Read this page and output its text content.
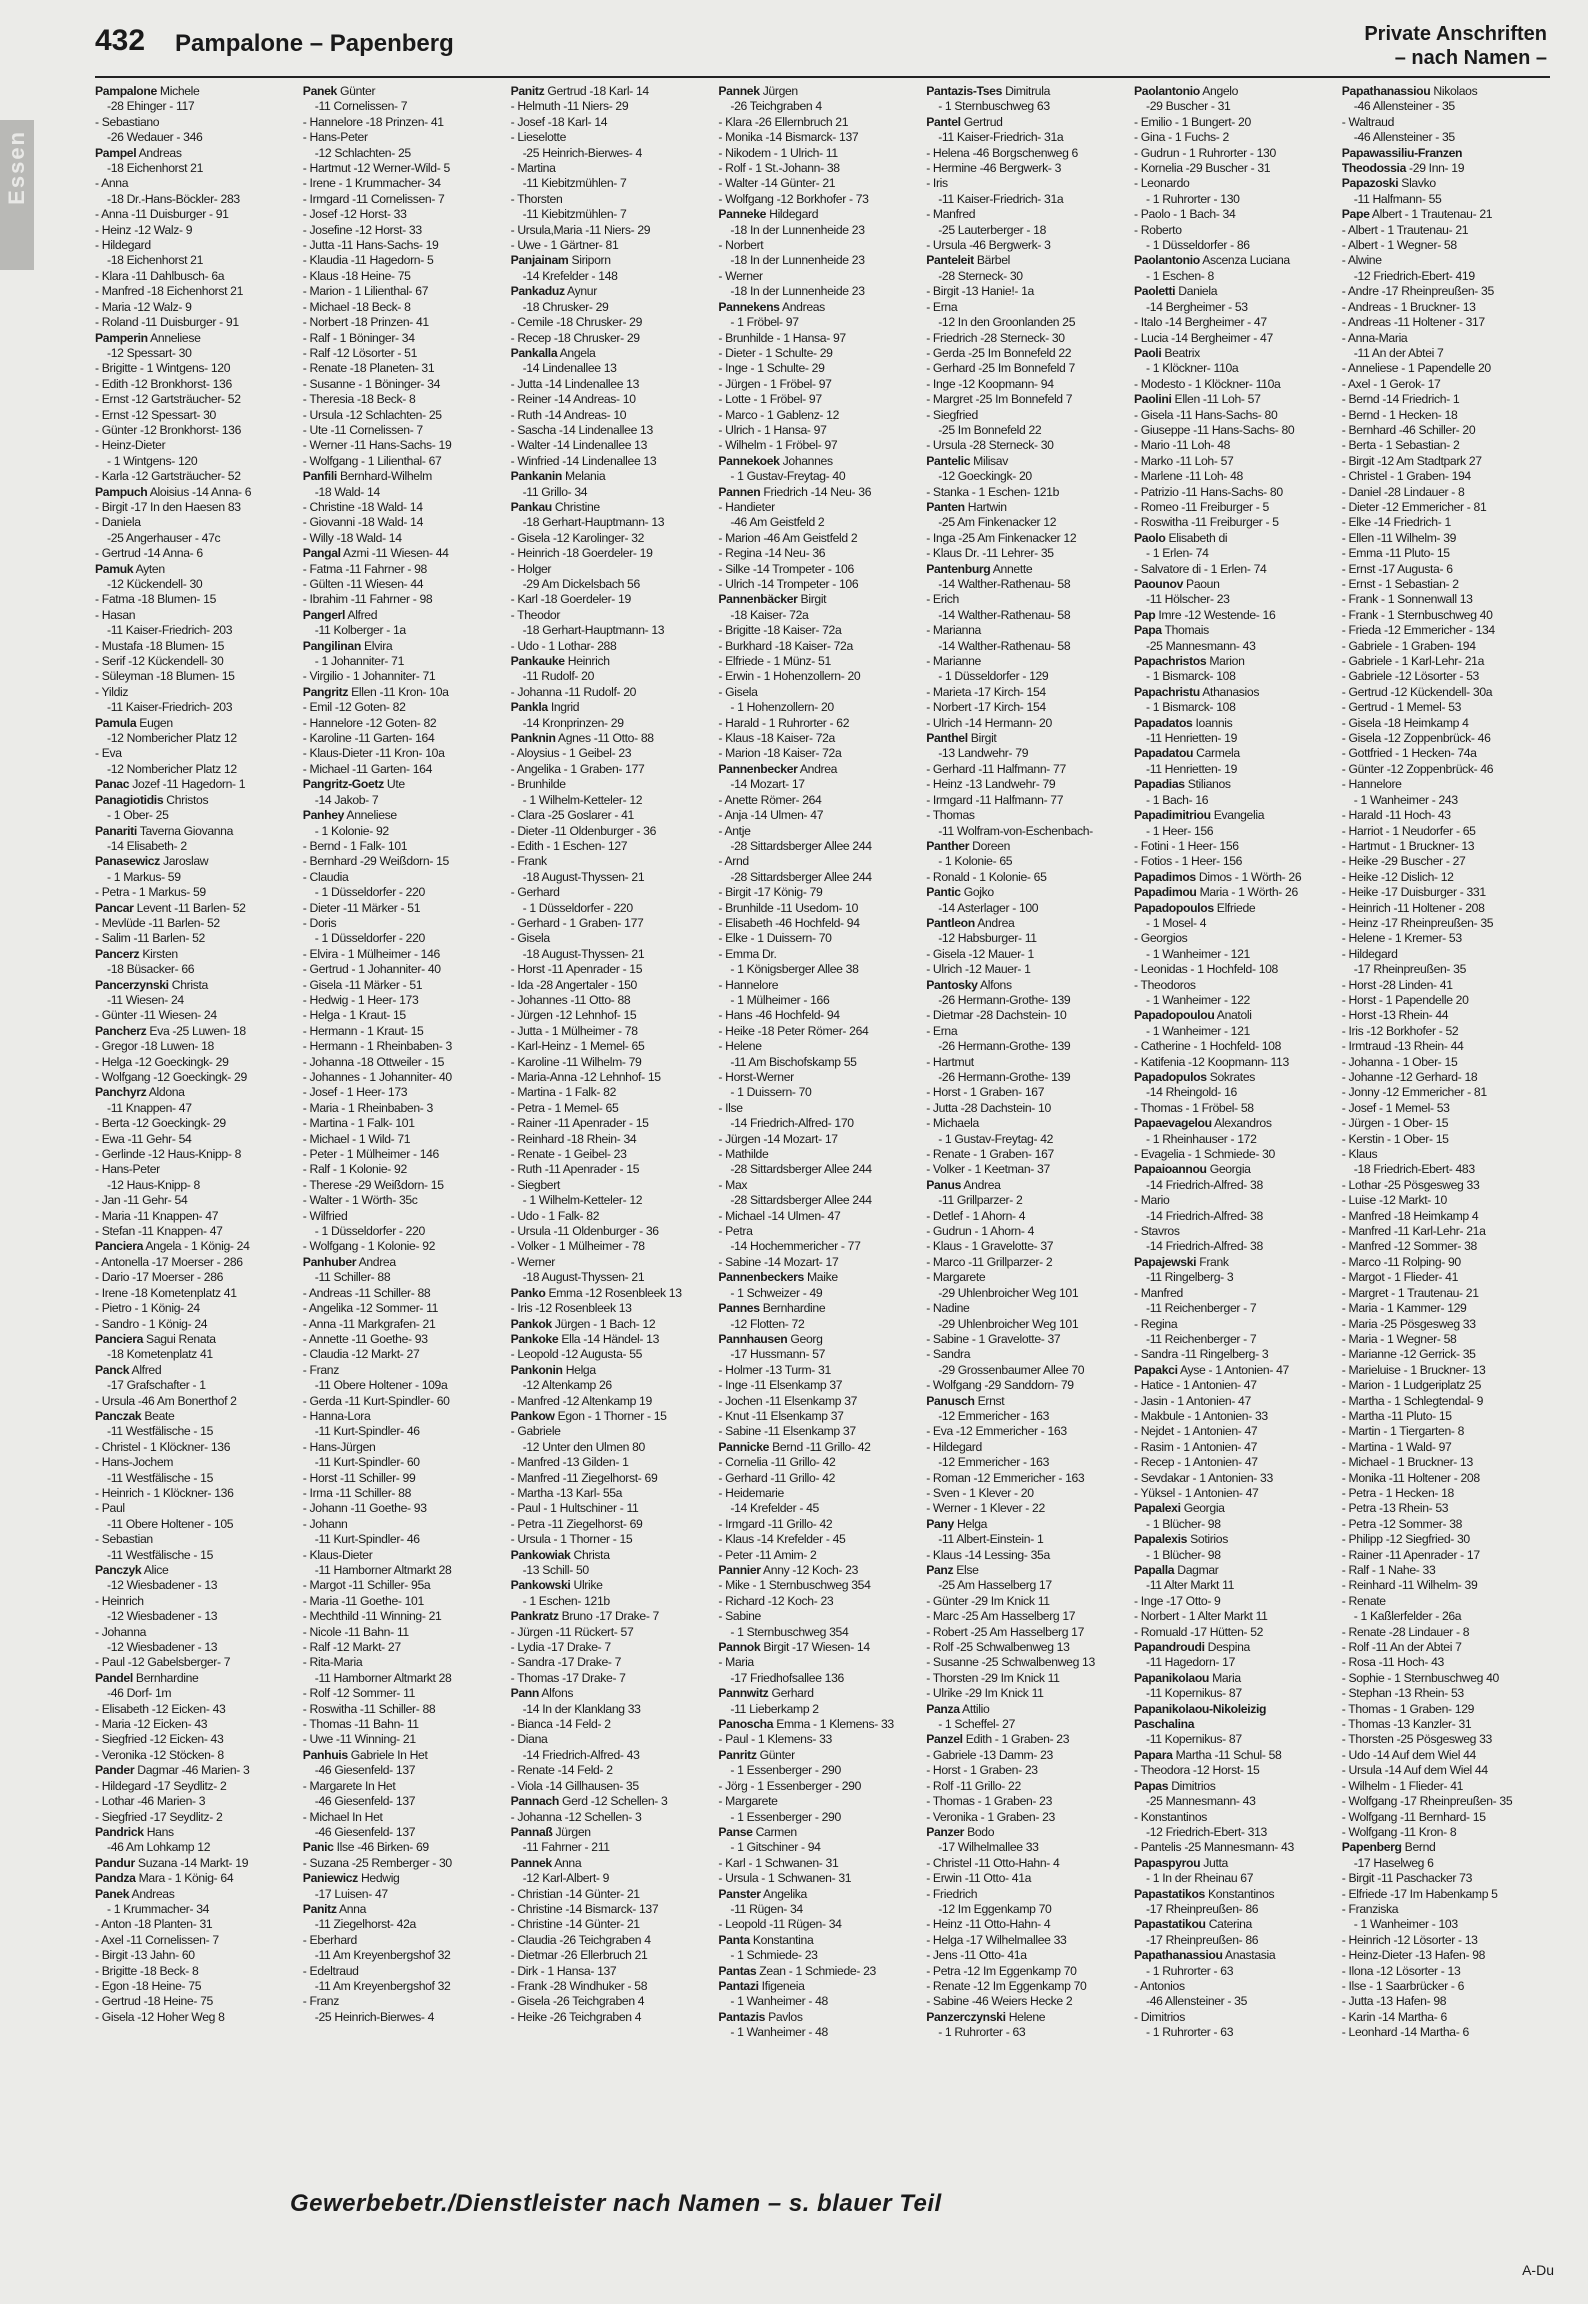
Essen
432 Pampalone – Papenberg	Private Anschriften
– nach Namen –
Pampalone Michele
-28 Ehinger - 117
- Sebastiano
-26 Wedauer - 346
Pampel Andreas
-18 Eichenhorst 21
- Anna
-18 Dr.-Hans-Böckler- 283
- Anna -11 Duisburger - 91
- Heinz -12 Walz- 9
- Hildegard
-18 Eichenhorst 21
- Klara -11 Dahlbusch- 6a
- Manfred -18 Eichenhorst 21
- Maria -12 Walz- 9
- Roland -11 Duisburger - 91
Pamperin Anneliese
-12 Spessart- 30
- Brigitte - 1 Wintgens- 120
- Edith -12 Bronkhorst- 136
- Ernst -12 Gartsträucher- 52
- Ernst -12 Spessart- 30
- Günter -12 Bronkhorst- 136
- Heinz-Dieter
- 1 Wintgens- 120
- Karla -12 Gartsträucher- 52
Pampuch Aloisius -14 Anna- 6
- Birgit -17 In den Haesen 83
- Daniela
-25 Angerhauser - 47c
- Gertrud -14 Anna- 6
Pamuk Ayten
-12 Kückendell- 30
- Fatma -18 Blumen- 15
- Hasan
-11 Kaiser-Friedrich- 203
- Mustafa -18 Blumen- 15
- Serif -12 Kückendell- 30
- Süleyman -18 Blumen- 15
- Yildiz
-11 Kaiser-Friedrich- 203
Pamula Eugen
-12 Nombericher Platz 12
- Eva
-12 Nombericher Platz 12
Panac Jozef -11 Hagedorn- 1
Panagiotidis Christos
- 1 Ober- 25
Panariti Taverna Giovanna
-14 Elisabeth- 2
Panasewicz Jaroslaw
- 1 Markus- 59
- Petra - 1 Markus- 59
Pancar Levent -11 Barlen- 52
- Mevlüde -11 Barlen- 52
- Salim -11 Barlen- 52
Pancerz Kirsten
-18 Büsacker- 66
Pancerzynski Christa
-11 Wiesen- 24
- Günter -11 Wiesen- 24
Pancherz Eva -25 Luwen- 18
- Gregor -18 Luwen- 18
- Helga -12 Goeckingk- 29
- Wolfgang -12 Goeckingk- 29
Panchyrz Aldona
-11 Knappen- 47
- Berta -12 Goeckingk- 29
- Ewa -11 Gehr- 54
- Gerlinde -12 Haus-Knipp- 8
- Hans-Peter
-12 Haus-Knipp- 8
- Jan -11 Gehr- 54
- Maria -11 Knappen- 47
- Stefan -11 Knappen- 47
Panciera Angela - 1 König- 24
- Antonella -17 Moerser - 286
- Dario -17 Moerser - 286
- Irene -18 Kometenplatz 41
- Pietro - 1 König- 24
- Sandro - 1 König- 24
Panciera Sagui Renata
-18 Kometenplatz 41
Panck Alfred
-17 Grafschafter - 1
- Ursula -46 Am Bonerthof 2
Panczak Beate
-11 Westfälische - 15
- Christel - 1 Klöckner- 136
- Hans-Jochem
-11 Westfälische - 15
- Heinrich - 1 Klöckner- 136
- Paul
-11 Obere Holtener - 105
- Sebastian
-11 Westfälische - 15
Panczyk Alice
-12 Wiesbadener - 13
- Heinrich
-12 Wiesbadener - 13
- Johanna
-12 Wiesbadener - 13
- Paul -12 Gabelsberger- 7
Pandel Bernhardine
-46 Dorf- 1m
- Elisabeth -12 Eicken- 43
- Maria -12 Eicken- 43
- Siegfried -12 Eicken- 43
- Veronika -12 Stöcken- 8
Pander Dagmar -46 Marien- 3
- Hildegard -17 Seydlitz- 2
- Lothar -46 Marien- 3
- Siegfried -17 Seydlitz- 2
Pandrick Hans
-46 Am Lohkamp 12
Pandur Suzana -14 Markt- 19
Pandza Mara - 1 König- 64
Panek Andreas
- 1 Krummacher- 34
- Anton -18 Planten- 31
- Axel -11 Cornelissen- 7
- Birgit -13 Jahn- 60
- Brigitte -18 Beck- 8
- Egon -18 Heine- 75
- Gertrud -18 Heine- 75
- Gisela -12 Hoher Weg 8
Panek Günter
-11 Cornelissen- 7
- Hannelore -18 Prinzen- 41
- Hans-Peter
-12 Schlachten- 25
- Hartmut -12 Werner-Wild- 5
- Irene - 1 Krummacher- 34
- Irmgard -11 Cornelissen- 7
- Josef -12 Horst- 33
- Josefine -12 Horst- 33
- Jutta -11 Hans-Sachs- 19
- Klaudia -11 Hagedorn- 5
- Klaus -18 Heine- 75
- Marion - 1 Lilienthal- 67
- Michael -18 Beck- 8
- Norbert -18 Prinzen- 41
- Ralf - 1 Böninger- 34
- Ralf -12 Lösorter - 51
- Renate -18 Planeten- 31
- Susanne - 1 Böninger- 34
- Theresia -18 Beck- 8
- Ursula -12 Schlachten- 25
- Ute -11 Cornelissen- 7
- Werner -11 Hans-Sachs- 19
- Wolfgang - 1 Lilienthal- 67
Panfili Bernhard-Wilhelm
-18 Wald- 14
- Christine -18 Wald- 14
- Giovanni -18 Wald- 14
- Willy -18 Wald- 14
Pangal Azmi -11 Wiesen- 44
- Fatma -11 Fahrner - 98
- Gülten -11 Wiesen- 44
- Ibrahim -11 Fahrner - 98
Pangerl Alfred
-11 Kolberger - 1a
Pangilinan Elvira
- 1 Johanniter- 71
- Virgilio - 1 Johanniter- 71
Pangritz Ellen -11 Kron- 10a
- Emil -12 Goten- 82
- Hannelore -12 Goten- 82
- Karoline -11 Garten- 164
- Klaus-Dieter -11 Kron- 10a
- Michael -11 Garten- 164
Pangritz-Goetz Ute
-14 Jakob- 7
Panhey Anneliese
- 1 Kolonie- 92
- Bernd - 1 Falk- 101
- Bernhard -29 Weißdorn- 15
- Claudia
- 1 Düsseldorfer - 220
- Dieter -11 Märker - 51
- Doris
- 1 Düsseldorfer - 220
- Elvira - 1 Mülheimer - 146
- Gertrud - 1 Johanniter- 40
- Gisela -11 Märker - 51
- Hedwig - 1 Heer- 173
- Helga - 1 Kraut- 15
- Hermann - 1 Kraut- 15
- Hermann - 1 Rheinbaben- 3
- Johanna -18 Ottweiler - 15
- Johannes - 1 Johanniter- 40
- Josef - 1 Heer- 173
- Maria - 1 Rheinbaben- 3
- Martina - 1 Falk- 101
- Michael - 1 Wild- 71
- Peter - 1 Mülheimer - 146
- Ralf - 1 Kolonie- 92
- Therese -29 Weißdorn- 15
- Walter - 1 Wörth- 35c
- Wilfried
- 1 Düsseldorfer - 220
- Wolfgang - 1 Kolonie- 92
Panhuber Andrea
-11 Schiller- 88
- Andreas -11 Schiller- 88
- Angelika -12 Sommer- 11
- Anna -11 Markgrafen- 21
- Annette -11 Goethe- 93
- Claudia -12 Markt- 27
- Franz
-11 Obere Holtener - 109a
- Gerda -11 Kurt-Spindler- 60
- Hanna-Lora
-11 Kurt-Spindler- 46
- Hans-Jürgen
-11 Kurt-Spindler- 60
- Horst -11 Schiller- 99
- Irma -11 Schiller- 88
- Johann -11 Goethe- 93
- Johann
-11 Kurt-Spindler- 46
- Klaus-Dieter
-11 Hamborner Altmarkt 28
- Margot -11 Schiller- 95a
- Maria -11 Goethe- 101
- Mechthild -11 Winning- 21
- Nicole -11 Bahn- 11
- Ralf -12 Markt- 27
- Rita-Maria
-11 Hamborner Altmarkt 28
- Rolf -12 Sommer- 11
- Roswitha -11 Schiller- 88
- Thomas -11 Bahn- 11
- Uwe -11 Winning- 21
Panhuis Gabriele In Het
-46 Giesenfeld- 137
- Margarete In Het
-46 Giesenfeld- 137
- Michael In Het
-46 Giesenfeld- 137
Panic Ilse -46 Birken- 69
- Suzana -25 Remberger - 30
Paniewicz Hedwig
-17 Luisen- 47
Panitz Anna
-11 Ziegelhorst- 42a
- Eberhard
-11 Am Kreyenbergshof 32
- Edeltraud
-11 Am Kreyenbergshof 32
- Franz
-25 Heinrich-Bierwes- 4
Panitz Gertrud -18 Karl- 14
- Helmuth -11 Niers- 29
- Josef -18 Karl- 14
- Lieselotte
-25 Heinrich-Bierwes- 4
- Martina
-11 Kiebitzmühlen- 7
- Thorsten
-11 Kiebitzmühlen- 7
- Ursula,Maria -11 Niers- 29
- Uwe - 1 Gärtner- 81
Panjainam Siriporn
-14 Krefelder - 148
Pankaduz Aynur
-18 Chrusker- 29
- Cemile -18 Chrusker- 29
- Recep -18 Chrusker- 29
Pankalla Angela
-14 Lindenallee 13
- Jutta -14 Lindenallee 13
- Reiner -14 Andreas- 10
- Ruth -14 Andreas- 10
- Sascha -14 Lindenallee 13
- Walter -14 Lindenallee 13
- Winfried -14 Lindenallee 13
Pankanin Melania
-11 Grillo- 34
Pankau Christine
-18 Gerhart-Hauptmann- 13
- Gisela -12 Karolinger- 32
- Heinrich -18 Goerdeler- 19
- Holger
-29 Am Dickelsbach 56
- Karl -18 Goerdeler- 19
- Theodor
-18 Gerhart-Hauptmann- 13
- Udo - 1 Lothar- 288
Pankauke Heinrich
-11 Rudolf- 20
- Johanna -11 Rudolf- 20
Pankla Ingrid
-14 Kronprinzen- 29
Panknin Agnes -11 Otto- 88
- Aloysius - 1 Geibel- 23
- Angelika - 1 Graben- 177
- Brunhilde
- 1 Wilhelm-Ketteler- 12
- Clara -25 Goslarer - 41
- Dieter -11 Oldenburger - 36
- Edith - 1 Eschen- 127
- Frank
-18 August-Thyssen- 21
- Gerhard
- 1 Düsseldorfer - 220
- Gerhard - 1 Graben- 177
- Gisela
-18 August-Thyssen- 21
- Horst -11 Apenrader - 15
- Ida -28 Angertaler - 150
- Johannes -11 Otto- 88
- Jürgen -12 Lehnhof- 15
- Jutta - 1 Mülheimer - 78
- Karl-Heinz - 1 Memel- 65
- Karoline -11 Wilhelm- 79
- Maria-Anna -12 Lehnhof- 15
- Martina - 1 Falk- 82
- Petra - 1 Memel- 65
- Rainer -11 Apenrader - 15
- Reinhard -18 Rhein- 34
- Renate - 1 Geibel- 23
- Ruth -11 Apenrader - 15
- Siegbert
- 1 Wilhelm-Ketteler- 12
- Udo - 1 Falk- 82
- Ursula -11 Oldenburger - 36
- Volker - 1 Mülheimer - 78
- Werner
-18 August-Thyssen- 21
Panko Emma -12 Rosenbleek 13
- Iris -12 Rosenbleek 13
Pankok Jürgen - 1 Bach- 12
Pankoke Ella -14 Händel- 13
- Leopold -12 Augusta- 55
Pankonin Helga
-12 Altenkamp 26
- Manfred -12 Altenkamp 19
Pankow Egon - 1 Thorner - 15
- Gabriele
-12 Unter den Ulmen 80
- Manfred -13 Gilden- 1
- Manfred -11 Ziegelhorst- 69
- Martha -13 Karl- 55a
- Paul - 1 Hultschiner - 11
- Petra -11 Ziegelhorst- 69
- Ursula - 1 Thorner - 15
Pankowiak Christa
-13 Schill- 50
Pankowski Ulrike
- 1 Eschen- 121b
Pankratz Bruno -17 Drake- 7
- Jürgen -11 Rückert- 57
- Lydia -17 Drake- 7
- Sandra -17 Drake- 7
- Thomas -17 Drake- 7
Pann Alfons
-14 In der Klanklang 33
- Bianca -14 Feld- 2
- Diana
-14 Friedrich-Alfred- 43
- Renate -14 Feld- 2
- Viola -14 Gillhausen- 35
Pannach Gerd -12 Schellen- 3
- Johanna -12 Schellen- 3
Pannaß Jürgen
-11 Fahrner - 211
Pannek Anna
-12 Karl-Albert- 9
- Christian -14 Günter- 21
- Christine -14 Bismarck- 137
- Christine -14 Günter- 21
- Claudia -26 Teichgraben 4
- Dietmar -26 Ellerbruch 21
- Dirk - 1 Hansa- 137
- Frank -28 Windhuker - 58
- Gisela -26 Teichgraben 4
- Heike -26 Teichgraben 4
Pannek Jürgen
-26 Teichgraben 4
- Klara -26 Ellernbruch 21
- Monika -14 Bismarck- 137
- Nikodem - 1 Ulrich- 11
- Rolf - 1 St.-Johann- 38
- Walter -14 Günter- 21
- Wolfgang -12 Borkhofer - 73
Panneke Hildegard
-18 In der Lunnenheide 23
- Norbert
-18 In der Lunnenheide 23
- Werner
-18 In der Lunnenheide 23
Pannekens Andreas
- 1 Fröbel- 97
- Brunhilde - 1 Hansa- 97
- Dieter - 1 Schulte- 29
- Inge - 1 Schulte- 29
- Jürgen - 1 Fröbel- 97
- Lotte - 1 Fröbel- 97
- Marco - 1 Gablenz- 12
- Ulrich - 1 Hansa- 97
- Wilhelm - 1 Fröbel- 97
Pannekoek Johannes
- 1 Gustav-Freytag- 40
Pannen Friedrich -14 Neu- 36
- Handieter
-46 Am Geistfeld 2
- Marion -46 Am Geistfeld 2
- Regina -14 Neu- 36
- Silke -14 Trompeter - 106
- Ulrich -14 Trompeter - 106
Pannenbäcker Birgit
-18 Kaiser- 72a
- Brigitte -18 Kaiser- 72a
- Burkhard -18 Kaiser- 72a
- Elfriede - 1 Münz- 51
- Erwin - 1 Hohenzollern- 20
- Gisela
- 1 Hohenzollern- 20
- Harald - 1 Ruhrorter - 62
- Klaus -18 Kaiser- 72a
- Marion -18 Kaiser- 72a
Pannenbecker Andrea
-14 Mozart- 17
- Anette Römer- 264
- Anja -14 Ulmen- 47
- Antje
-28 Sittardsberger Allee 244
- Arnd
-28 Sittardsberger Allee 244
- Birgit -17 König- 79
- Brunhilde -11 Usedom- 10
- Elisabeth -46 Hochfeld- 94
- Elke - 1 Duissern- 70
- Emma Dr.
- 1 Königsberger Allee 38
- Hannelore
- 1 Mülheimer - 166
- Hans -46 Hochfeld- 94
- Heike -18 Peter Römer- 264
- Helene
-11 Am Bischofskamp 55
- Horst-Werner
- 1 Duissern- 70
- Ilse
-14 Friedrich-Alfred- 170
- Jürgen -14 Mozart- 17
- Mathilde
-28 Sittardsberger Allee 244
- Max
-28 Sittardsberger Allee 244
- Michael -14 Ulmen- 47
- Petra
-14 Hochemmericher - 77
- Sabine -14 Mozart- 17
Pannenbeckers Maike
- 1 Schweizer - 49
Pannes Bernhardine
-12 Flotten- 72
Pannhausen Georg
-17 Hussmann- 57
- Holmer -13 Turm- 31
- Inge -11 Elsenkamp 37
- Jochen -11 Elsenkamp 37
- Knut -11 Elsenkamp 37
- Sabine -11 Elsenkamp 37
Pannicke Bernd -11 Grillo- 42
- Cornelia -11 Grillo- 42
- Gerhard -11 Grillo- 42
- Heidemarie
-14 Krefelder - 45
- Irmgard -11 Grillo- 42
- Klaus -14 Krefelder - 45
- Peter -11 Amim- 2
Pannier Anny -12 Koch- 23
- Mike - 1 Sternbuschweg 354
- Richard -12 Koch- 23
- Sabine
- 1 Sternbuschweg 354
Pannok Birgit -17 Wiesen- 14
- Maria
-17 Friedhofsallee 136
Pannwitz Gerhard
-11 Lieberkamp 2
Panoscha Emma - 1 Klemens- 33
- Paul - 1 Klemens- 33
Panritz Günter
- 1 Essenberger - 290
- Jörg - 1 Essenberger - 290
- Margarete
- 1 Essenberger - 290
Panse Carmen
- 1 Gitschiner - 94
- Karl - 1 Schwanen- 31
- Ursula - 1 Schwanen- 31
Panster Angelika
-11 Rügen- 34
- Leopold -11 Rügen- 34
Panta Konstantina
- 1 Schmiede- 23
Pantas Zean - 1 Schmiede- 23
Pantazi Ifigeneia
- 1 Wanheimer - 48
Pantazis Pavlos
- 1 Wanheimer - 48
Pantazis-Tses Dimitrula
- 1 Sternbuschweg 63
Pantel Gertrud
-11 Kaiser-Friedrich- 31a
- Helena -46 Borgschenweg 6
- Hermine -46 Bergwerk- 3
- Iris
-11 Kaiser-Friedrich- 31a
- Manfred
-25 Lauterberger - 18
- Ursula -46 Bergwerk- 3
Panteleit Bärbel
-28 Sterneck- 30
- Birgit -13 Hanie!- 1a
- Erna
-12 In den Groonlanden 25
- Friedrich -28 Sterneck- 30
- Gerda -25 Im Bonnefeld 22
- Gerhard -25 Im Bonnefeld 7
- Inge -12 Koopmann- 94
- Margret -25 Im Bonnefeld 7
- Siegfried
-25 Im Bonnefeld 22
- Ursula -28 Sterneck- 30
Pantelic Milisav
-12 Goeckingk- 20
- Stanka - 1 Eschen- 121b
Panten Hartwin
-25 Am Finkenacker 12
- Inga -25 Am Finkenacker 12
- Klaus Dr. -11 Lehrer- 35
Pantenburg Annette
-14 Walther-Rathenau- 58
- Erich
-14 Walther-Rathenau- 58
- Marianna
-14 Walther-Rathenau- 58
- Marianne
- 1 Düsseldorfer - 129
- Marieta -17 Kirch- 154
- Norbert -17 Kirch- 154
- Ulrich -14 Hermann- 20
Panthel Birgit
-13 Landwehr- 79
- Gerhard -11 Halfmann- 77
- Heinz -13 Landwehr- 79
- Irmgard -11 Halfmann- 77
- Thomas
-11 Wolfram-von-Eschenbach-
Panther Doreen
- 1 Kolonie- 65
- Ronald - 1 Kolonie- 65
Pantic Gojko
-14 Asterlager - 100
Pantleon Andrea
-12 Habsburger- 11
- Gisela -12 Mauer- 1
- Ulrich -12 Mauer- 1
Pantosky Alfons
-26 Hermann-Grothe- 139
- Dietmar -28 Dachstein- 10
- Erna
-26 Hermann-Grothe- 139
- Hartmut
-26 Hermann-Grothe- 139
- Horst - 1 Graben- 167
- Jutta -28 Dachstein- 10
- Michaela
- 1 Gustav-Freytag- 42
- Renate - 1 Graben- 167
- Volker - 1 Keetman- 37
Panus Andrea
-11 Grillparzer- 2
- Detlef - 1 Ahorn- 4
- Gudrun - 1 Ahorn- 4
- Klaus - 1 Gravelotte- 37
- Marco -11 Grillparzer- 2
- Margarete
-29 Uhlenbroicher Weg 101
- Nadine
-29 Uhlenbroicher Weg 101
- Sabine - 1 Gravelotte- 37
- Sandra
-29 Grossenbaumer Allee 70
- Wolfgang -29 Sanddorn- 79
Panusch Ernst
-12 Emmericher - 163
- Eva -12 Emmericher - 163
- Hildegard
-12 Emmericher - 163
- Roman -12 Emmericher - 163
- Sven - 1 Klever - 20
- Werner - 1 Klever - 22
Pany Helga
-11 Albert-Einstein- 1
- Klaus -14 Lessing- 35a
Panz Else
-25 Am Hasselberg 17
- Günter -29 Im Knick 11
- Marc -25 Am Hasselberg 17
- Robert -25 Am Hasselberg 17
- Rolf -25 Schwalbenweg 13
- Susanne -25 Schwalbenweg 13
- Thorsten -29 Im Knick 11
- Ulrike -29 Im Knick 11
Panza Attilio
- 1 Scheffel- 27
Panzel Edith - 1 Graben- 23
- Gabriele -13 Damm- 23
- Horst - 1 Graben- 23
- Rolf -11 Grillo- 22
- Thomas - 1 Graben- 23
- Veronika - 1 Graben- 23
Panzer Bodo
-17 Wilhelmallee 33
- Christel -11 Otto-Hahn- 4
- Erwin -11 Otto- 41a
- Friedrich
-12 Im Eggenkamp 70
- Heinz -11 Otto-Hahn- 4
- Helga -17 Wilhelmallee 33
- Jens -11 Otto- 41a
- Petra -12 Im Eggenkamp 70
- Renate -12 Im Eggenkamp 70
- Sabine -46 Weiers Hecke 2
Panzerczynski Helene
- 1 Ruhrorter - 63
Paolantonio Angelo
-29 Buscher - 31
- Emilio - 1 Bungert- 20
- Gina - 1 Fuchs- 2
- Gudrun - 1 Ruhrorter - 130
- Kornelia -29 Buscher - 31
- Leonardo
- 1 Ruhrorter - 130
- Paolo - 1 Bach- 34
- Roberto
- 1 Düsseldorfer - 86
Paolantonio Ascenza Luciana
- 1 Eschen- 8
Paoletti Daniela
-14 Bergheimer - 53
- Italo -14 Bergheimer - 47
- Lucia -14 Bergheimer - 47
Paoli Beatrix
- 1 Klöckner- 110a
- Modesto - 1 Klöckner- 110a
Paolini Ellen -11 Loh- 57
- Gisela -11 Hans-Sachs- 80
- Giuseppe -11 Hans-Sachs- 80
- Mario -11 Loh- 48
- Marko -11 Loh- 57
- Marlene -11 Loh- 48
- Patrizio -11 Hans-Sachs- 80
- Romeo -11 Freiburger - 5
- Roswitha -11 Freiburger - 5
Paolo Elisabeth di
- 1 Erlen- 74
- Salvatore di - 1 Erlen- 74
Paounov Paoun
-11 Hölscher- 23
Pap Imre -12 Westende- 16
Papa Thomais
-25 Mannesmann- 43
Papachristos Marion
- 1 Bismarck- 108
Papachristu Athanasios
- 1 Bismarck- 108
Papadatos Ioannis
-11 Henrietten- 19
Papadatou Carmela
-11 Henrietten- 19
Papadias Stilianos
- 1 Bach- 16
Papadimitriou Evangelia
- 1 Heer- 156
- Fotini - 1 Heer- 156
- Fotios - 1 Heer- 156
Papadimos Dimos - 1 Wörth- 26
Papadimou Maria - 1 Wörth- 26
Papadopoulos Elfriede
- 1 Mosel- 4
- Georgios
- 1 Wanheimer - 121
- Leonidas - 1 Hochfeld- 108
- Theodoros
- 1 Wanheimer - 122
Papadopoulou Anatoli
- 1 Wanheimer - 121
- Catherine - 1 Hochfeld- 108
- Katifenia -12 Koopmann- 113
Papadopulos Sokrates
-14 Rheingold- 16
- Thomas - 1 Fröbel- 58
Papaevagelou Alexandros
- 1 Rheinhauser - 172
- Evagelia - 1 Schmiede- 30
Papaioannou Georgia
-14 Friedrich-Alfred- 38
- Mario
-14 Friedrich-Alfred- 38
- Stavros
-14 Friedrich-Alfred- 38
Papajewski Frank
-11 Ringelberg- 3
- Manfred
-11 Reichenberger - 7
- Regina
-11 Reichenberger - 7
- Sandra -11 Ringelberg- 3
Papakci Ayse - 1 Antonien- 47
- Hatice - 1 Antonien- 47
- Jasin - 1 Antonien- 47
- Makbule - 1 Antonien- 33
- Nejdet - 1 Antonien- 47
- Rasim - 1 Antonien- 47
- Recep - 1 Antonien- 47
- Sevdakar - 1 Antonien- 33
- Yüksel - 1 Antonien- 47
Papalexi Georgia
- 1 Blücher- 98
Papalexis Sotirios
- 1 Blücher- 98
Papalla Dagmar
-11 Alter Markt 11
- Inge -17 Otto- 9
- Norbert - 1 Alter Markt 11
- Romuald -17 Hütten- 52
Papandroudi Despina
-11 Hagedorn- 17
Papanikolaou Maria
-11 Kopernikus- 87
Papanikolaou-Nikoleizig
Paschalina
-11 Kopernikus- 87
Papara Martha -11 Schul- 58
- Theodora -12 Horst- 15
Papas Dimitrios
-25 Mannesmann- 43
- Konstantinos
-12 Friedrich-Ebert- 313
- Pantelis -25 Mannesmann- 43
Papaspyrou Jutta
- 1 In der Rheinau 67
Papastatikos Konstantinos
-17 Rheinpreußen- 86
Papastatikou Caterina
-17 Rheinpreußen- 86
Papathanassiou Anastasia
- 1 Ruhrorter - 63
- Antonios
-46 Allensteiner - 35
- Dimitrios
- 1 Ruhrorter - 63
Papathanassiou Nikolaos
-46 Allensteiner - 35
- Waltraud
-46 Allensteiner - 35
Papawassiliu-Franzen
Theodossia -29 Inn- 19
Papazoski Slavko
-11 Halfmann- 55
Pape Albert - 1 Trautenau- 21
- Albert - 1 Trautenau- 21
- Albert - 1 Wegner- 58
- Alwine
-12 Friedrich-Ebert- 419
- Andre -17 Rheinpreußen- 35
- Andreas - 1 Bruckner- 13
- Andreas -11 Holtener - 317
- Anna-Maria
-11 An der Abtei 7
- Anneliese - 1 Papendelle 20
- Axel - 1 Gerok- 17
- Bernd -14 Friedrich- 1
- Bernd - 1 Hecken- 18
- Bernhard -46 Schiller- 20
- Berta - 1 Sebastian- 2
- Birgit -12 Am Stadtpark 27
- Christel - 1 Graben- 194
- Daniel -28 Lindauer - 8
- Dieter -12 Emmericher - 81
- Elke -14 Friedrich- 1
- Ellen -11 Wilhelm- 39
- Emma -11 Pluto- 15
- Ernst -17 Augusta- 6
- Ernst - 1 Sebastian- 2
- Frank - 1 Sonnenwall 13
- Frank - 1 Sternbuschweg 40
- Frieda -12 Emmericher - 134
- Gabriele - 1 Graben- 194
- Gabriele - 1 Karl-Lehr- 21a
- Gabriele -12 Lösorter - 53
- Gertrud -12 Kückendell- 30a
- Gertrud - 1 Memel- 53
- Gisela -18 Heimkamp 4
- Gisela -12 Zoppenbrück- 46
- Gottfried - 1 Hecken- 74a
- Günter -12 Zoppenbrück- 46
- Hannelore
- 1 Wanheimer - 243
- Harald -11 Hoch- 43
- Harriot - 1 Neudorfer - 65
- Hartmut - 1 Bruckner- 13
- Heike -29 Buscher - 27
- Heike -12 Dislich- 12
- Heike -17 Duisburger - 331
- Heinrich -11 Holtener - 208
- Heinz -17 Rheinpreußen- 35
- Helene - 1 Kremer- 53
- Hildegard
-17 Rheinpreußen- 35
- Horst -28 Linden- 41
- Horst - 1 Papendelle 20
- Horst -13 Rhein- 44
- Iris -12 Borkhofer - 52
- Irmtraud -13 Rhein- 44
- Johanna - 1 Ober- 15
- Johanne -12 Gerhard- 18
- Jonny -12 Emmericher - 81
- Josef - 1 Memel- 53
- Jürgen - 1 Ober- 15
- Kerstin - 1 Ober- 15
- Klaus
-18 Friedrich-Ebert- 483
- Lothar -25 Pösgesweg 33
- Luise -12 Markt- 10
- Manfred -18 Heimkamp 4
- Manfred -11 Karl-Lehr- 21a
- Manfred -12 Sommer- 38
- Marco -11 Rolping- 90
- Margot - 1 Flieder- 41
- Margret - 1 Trautenau- 21
- Maria - 1 Kammer- 129
- Maria -25 Pösgesweg 33
- Maria - 1 Wegner- 58
- Marianne -12 Gerrick- 35
- Marieluise - 1 Bruckner- 13
- Marion - 1 Ludgeriplatz 25
- Martha - 1 Schlegtendal- 9
- Martha -11 Pluto- 15
- Martin - 1 Tiergarten- 8
- Martina - 1 Wald- 97
- Michael - 1 Bruckner- 13
- Monika -11 Holtener - 208
- Petra - 1 Hecken- 18
- Petra -13 Rhein- 53
- Petra -12 Sommer- 38
- Philipp -12 Siegfried- 30
- Rainer -11 Apenrader - 17
- Ralf - 1 Nahe- 33
- Reinhard -11 Wilhelm- 39
- Renate
- 1 Kaßlerfelder - 26a
- Renate -28 Lindauer - 8
- Rolf -11 An der Abtei 7
- Rosa -11 Hoch- 43
- Sophie - 1 Sternbuschweg 40
- Stephan -13 Rhein- 53
- Thomas - 1 Graben- 129
- Thomas -13 Kanzler- 31
- Thorsten -25 Pösgesweg 33
- Udo -14 Auf dem Wiel 44
- Ursula -14 Auf dem Wiel 44
- Wilhelm - 1 Flieder- 41
- Wolfgang -17 Rheinpreußen- 35
- Wolfgang -11 Bernhard- 15
- Wolfgang -11 Kron- 8
Papenberg Bernd
-17 Haselweg 6
- Birgit -11 Paschacker 73
- Elfriede -17 Im Habenkamp 5
- Franziska
- 1 Wanheimer - 103
- Heinrich -12 Lösorter - 13
- Heinz-Dieter -13 Hafen- 98
- Ilona -12 Lösorter - 13
- Ilse - 1 Saarbrücker - 6
- Jutta -13 Hafen- 98
- Karin -14 Martha- 6
- Leonhard -14 Martha- 6
Gewerbebetr./Dienstleister nach Namen – s. blauer Teil
A-Du
